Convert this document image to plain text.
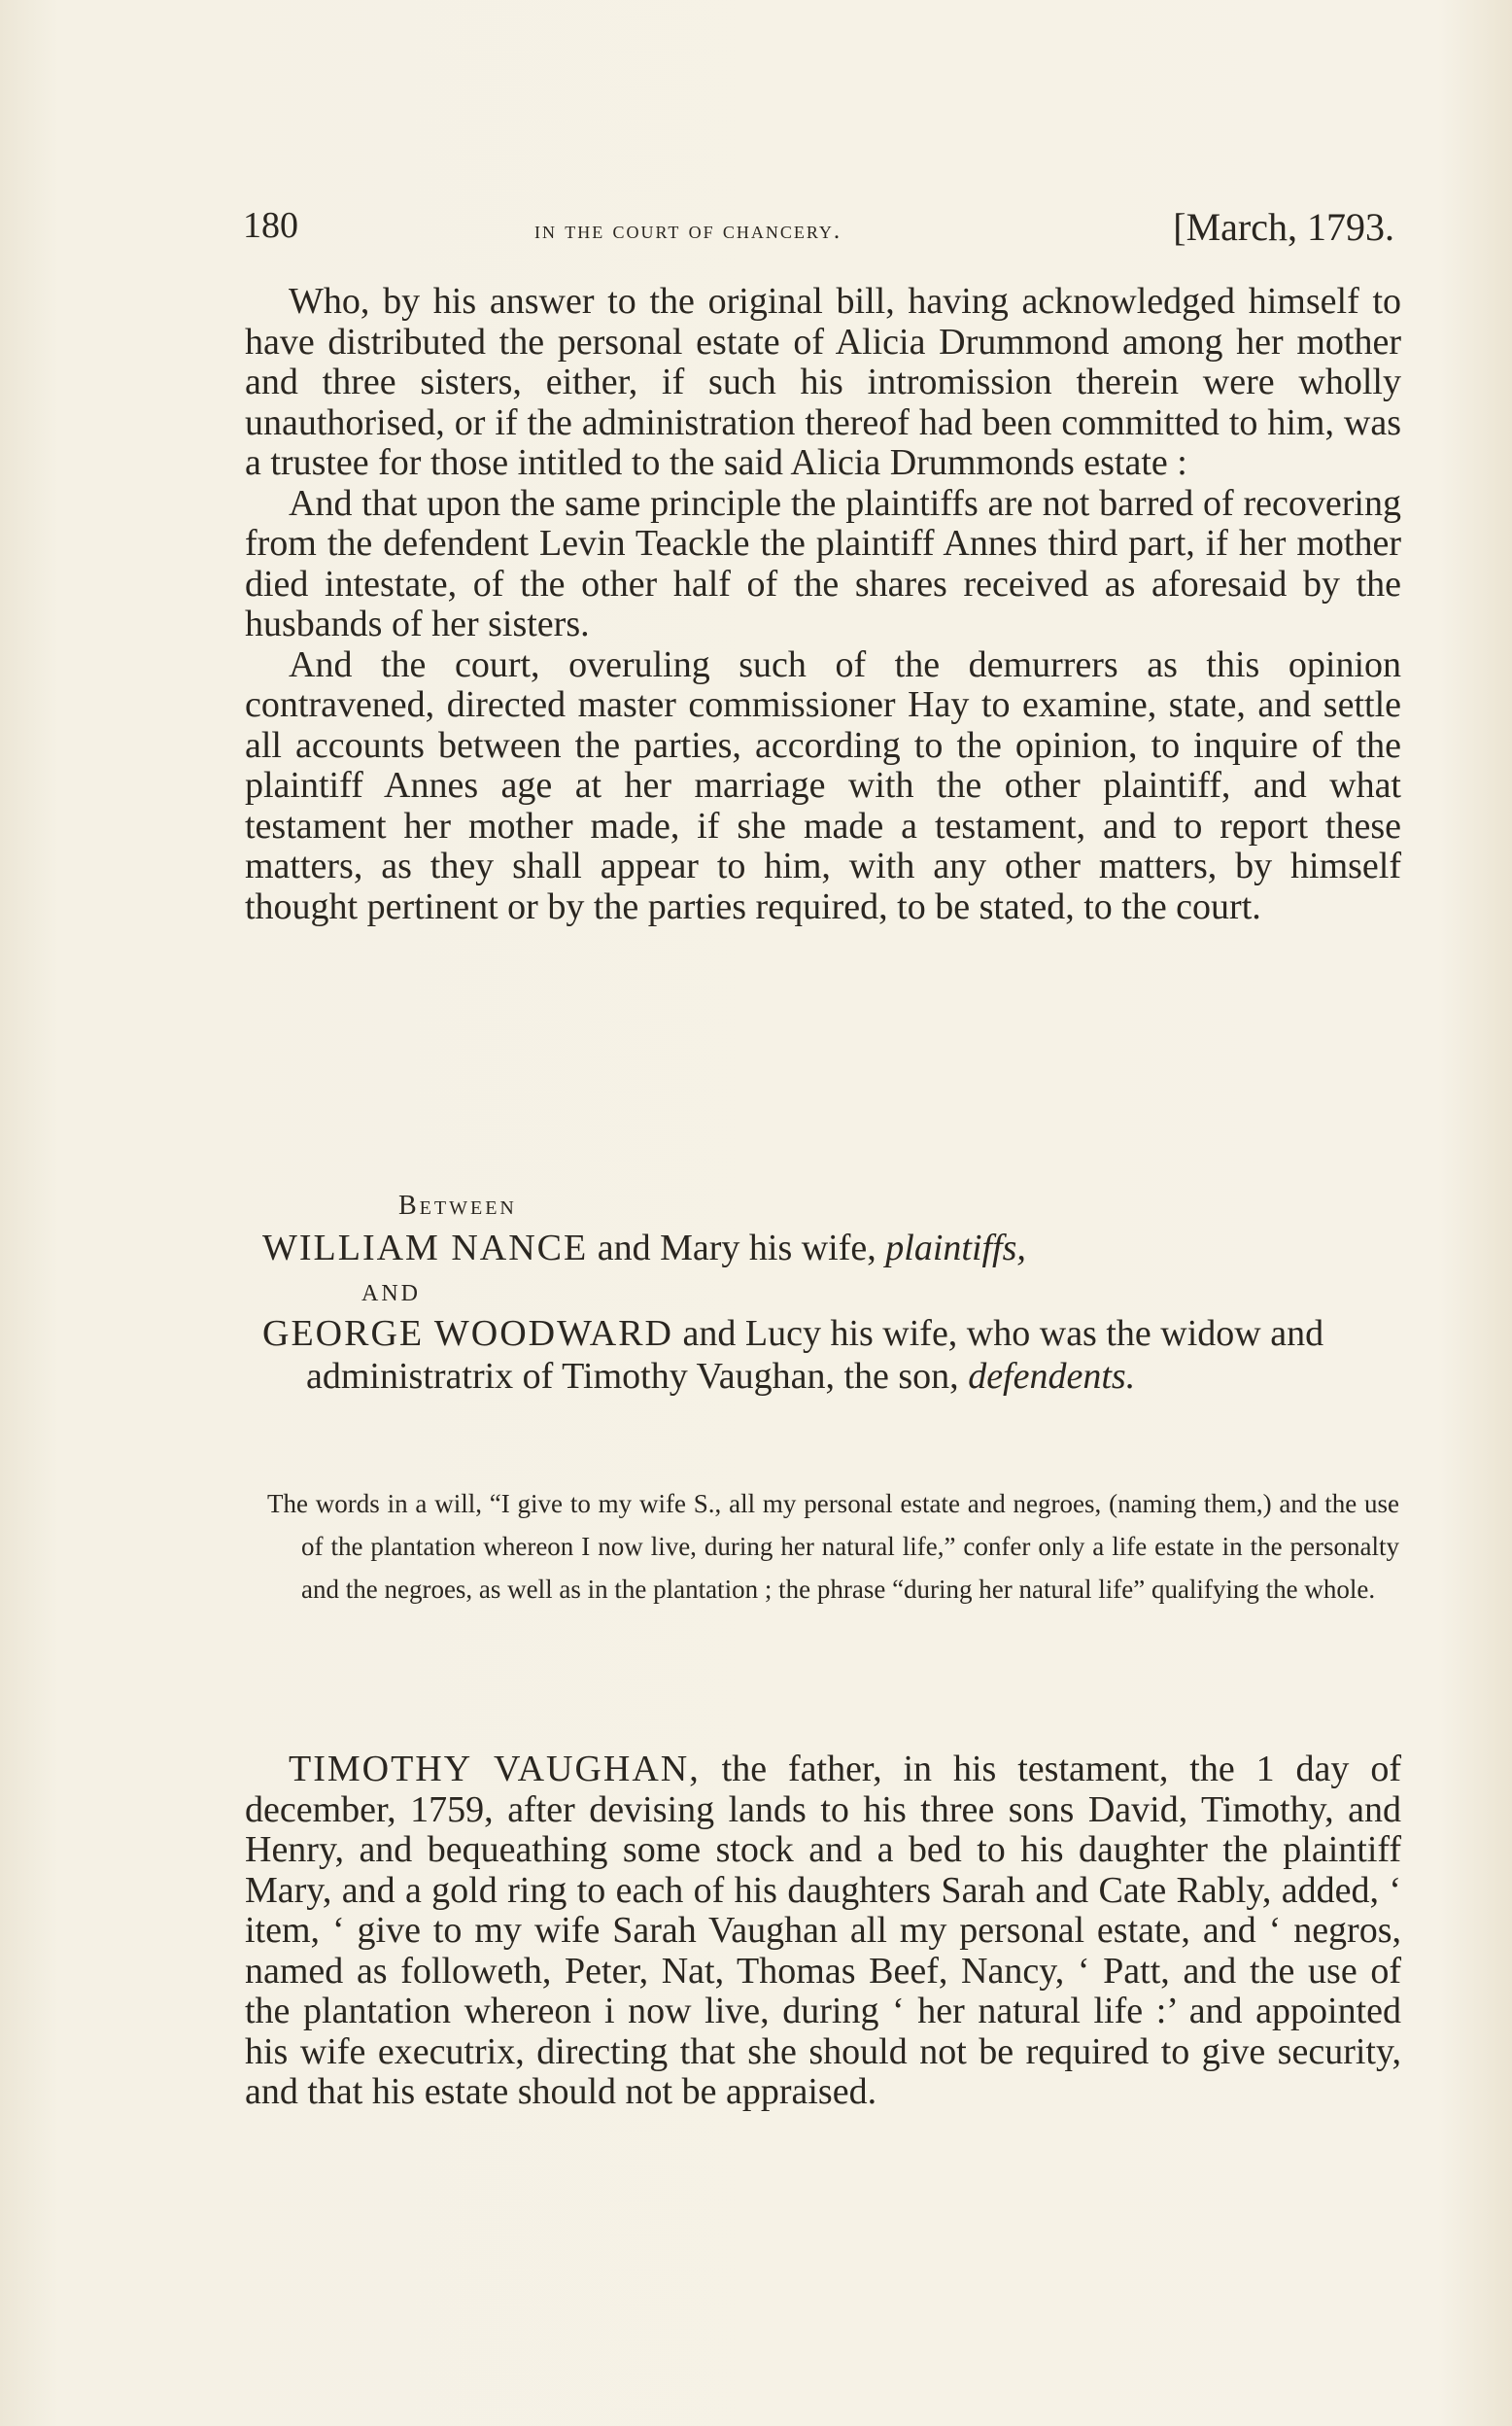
180	in the court of chancery.	[March, 1793.

Who, by his answer to the original bill, having acknowledged himself to have distributed the personal estate of Alicia Drummond among her mother and three sisters, either, if such his intromission therein were wholly unauthorised, or if the administration thereof had been committed to him, was a trustee for those intitled to the said Alicia Drummonds estate :

And that upon the same principle the plaintiffs are not barred of recovering from the defendent Levin Teackle the plaintiff Annes third part, if her mother died intestate, of the other half of the shares received as aforesaid by the husbands of her sisters.

And the court, overuling such of the demurrers as this opinion contravened, directed master commissioner Hay to examine, state, and settle all accounts between the parties, according to the opinion, to inquire of the plaintiff Annes age at her marriage with the other plaintiff, and what testament her mother made, if she made a testament, and to report these matters, as they shall appear to him, with any other matters, by himself thought pertinent or by the parties required, to be stated, to the court.

Between
WILLIAM NANCE and Mary his wife, plaintiffs,
AND
GEORGE WOODWARD and Lucy his wife, who was the widow and administratrix of Timothy Vaughan, the son, defendents.
The words in a will, “I give to my wife S., all my personal estate and negroes, (naming them,) and the use of the plantation whereon I now live, during her natural life,” confer only a life estate in the personalty and the negroes, as well as in the plantation ; the phrase “during her natural life” qualifying the whole.

TIMOTHY VAUGHAN, the father, in his testament, the 1 day of december, 1759, after devising lands to his three sons David, Timothy, and Henry, and bequeathing some stock and a bed to his daughter the plaintiff Mary, and a gold ring to each of his daughters Sarah and Cate Rably, added, ‘ item, ‘ give to my wife Sarah Vaughan all my personal estate, and ‘ negros, named as followeth, Peter, Nat, Thomas Beef, Nancy, ‘ Patt, and the use of the plantation whereon i now live, during ‘ her natural life :’ and appointed his wife executrix, directing that she should not be required to give security, and that his estate should not be appraised.
